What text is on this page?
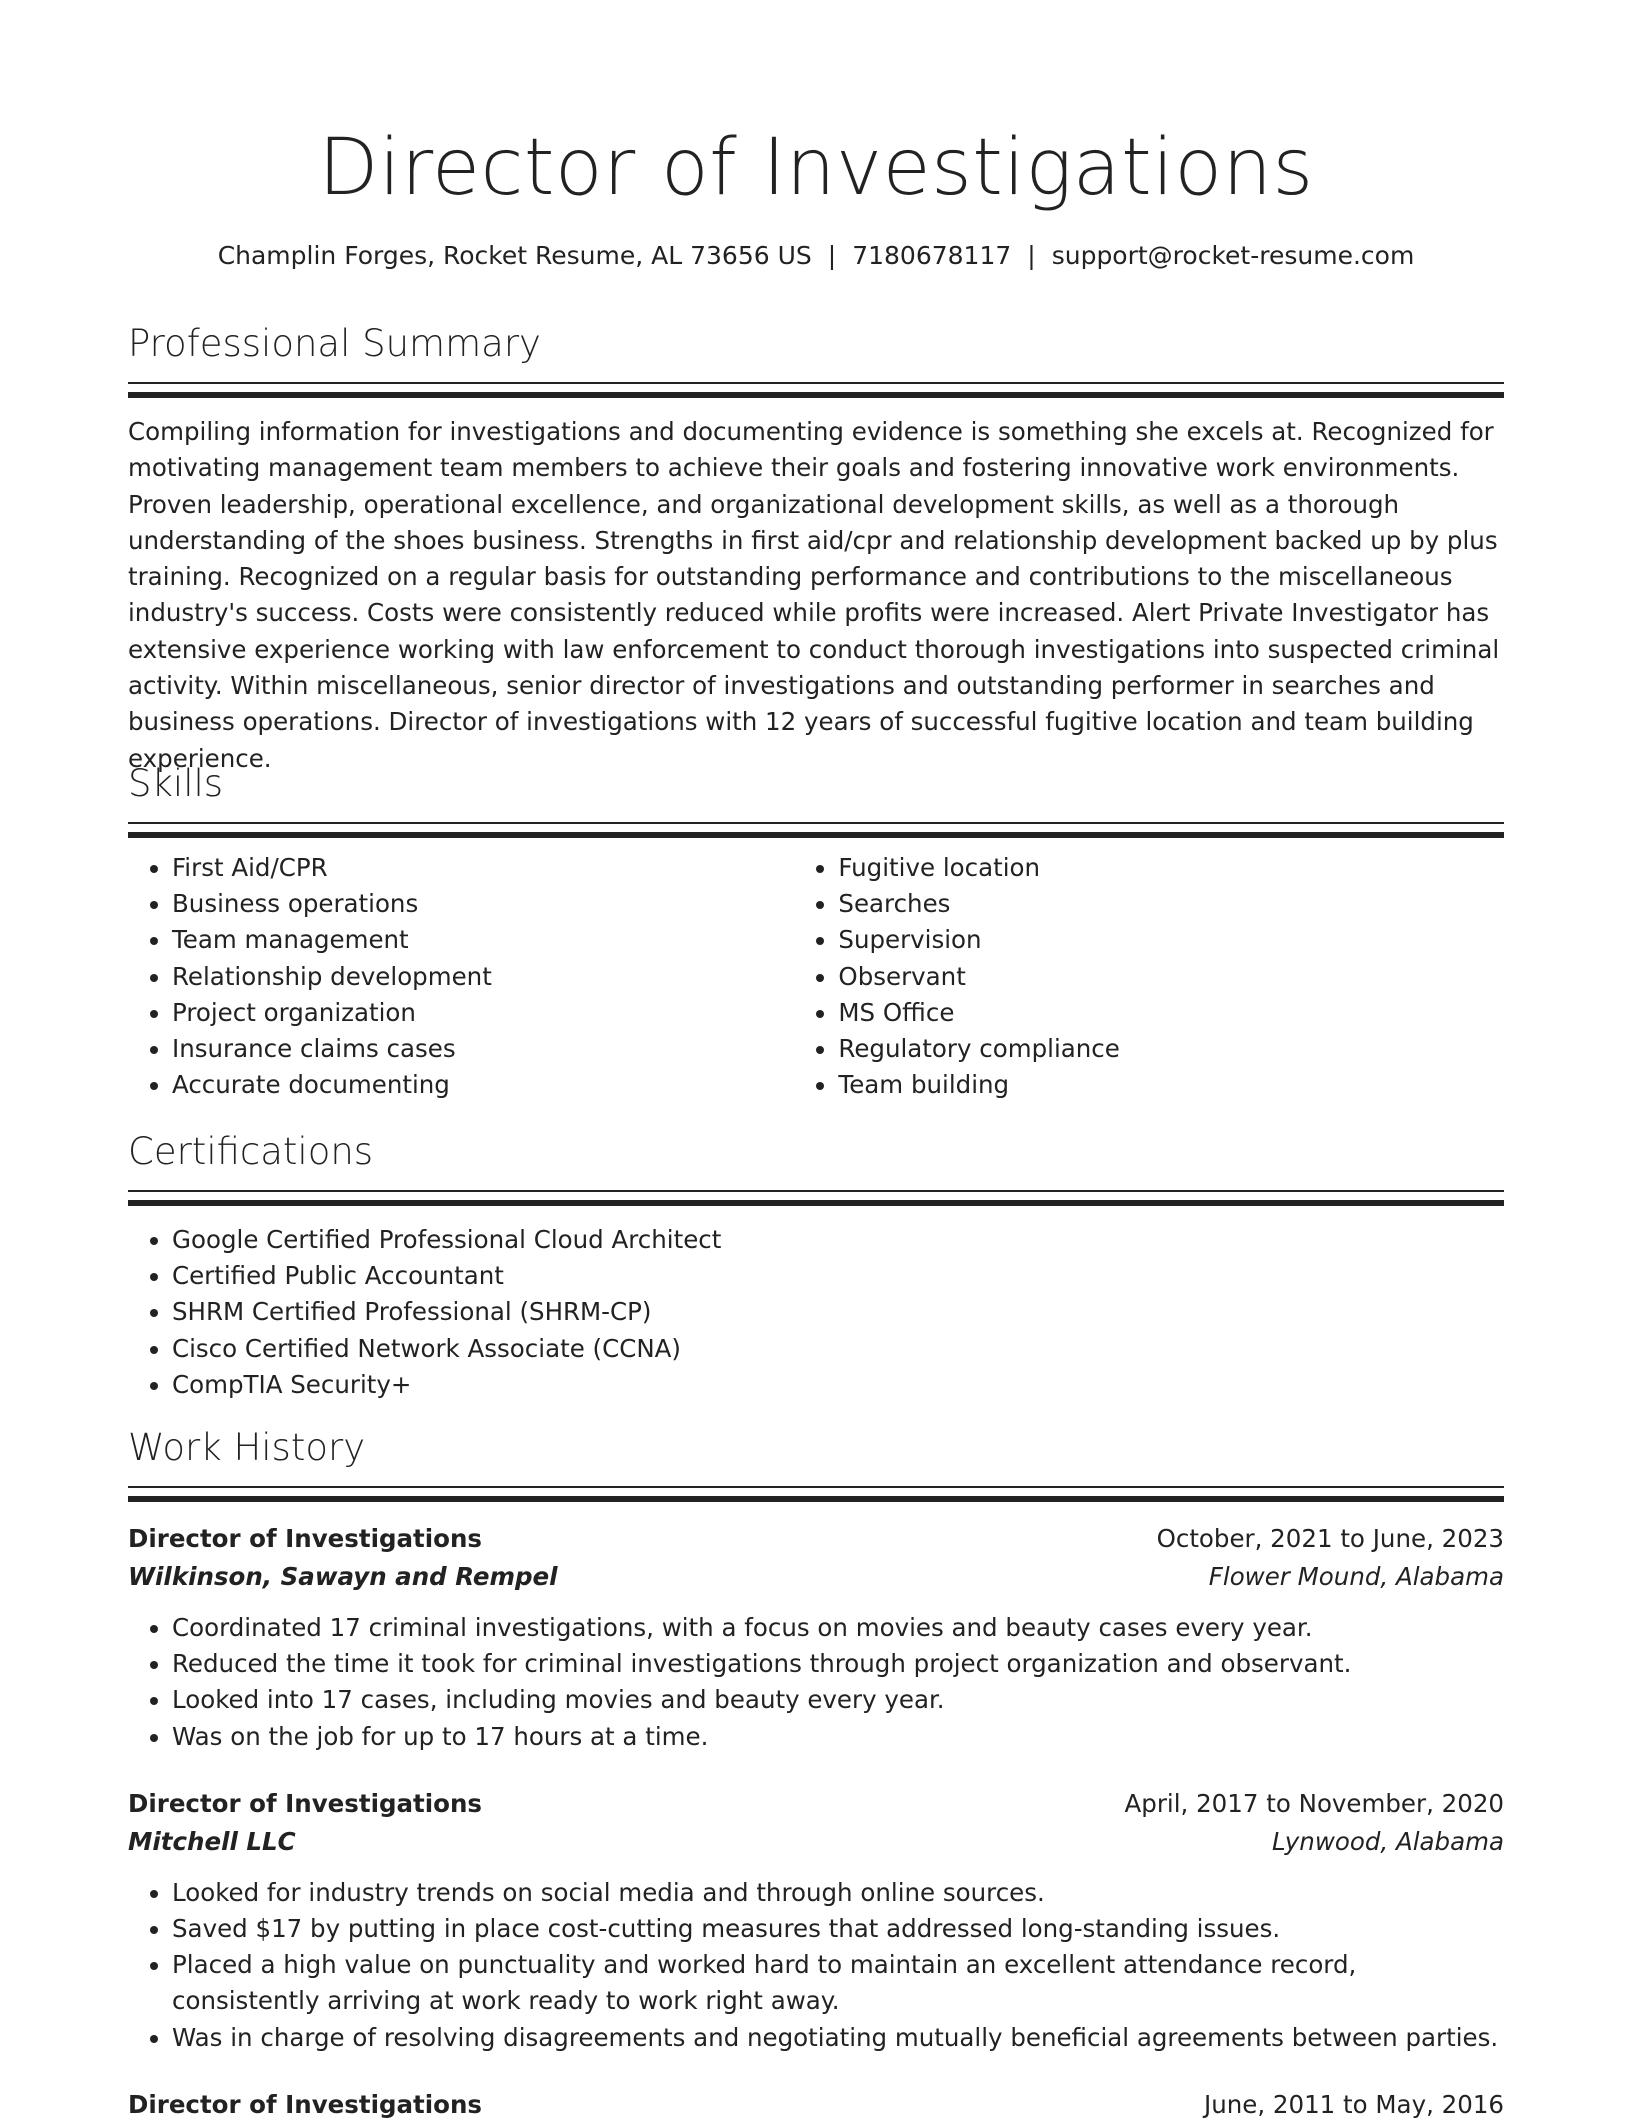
Director of Investigations
Champlin Forges, Rocket Resume, AL 73656 US | 7180678117 | support@rocket-resume.com
Professional Summary
Compiling information for investigations and documenting evidence is something she excels at. Recognized for motivating management team members to achieve their goals and fostering innovative work environments. Proven leadership, operational excellence, and organizational development skills, as well as a thorough understanding of the shoes business. Strengths in first aid/cpr and relationship development backed up by plus training. Recognized on a regular basis for outstanding performance and contributions to the miscellaneous industry's success. Costs were consistently reduced while profits were increased. Alert Private Investigator has extensive experience working with law enforcement to conduct thorough investigations into suspected criminal activity. Within miscellaneous, senior director of investigations and outstanding performer in searches and business operations. Director of investigations with 12 years of successful fugitive location and team building experience.
Skills
• First Aid/CPR
• Business operations
• Team management
• Relationship development
• Project organization
• Insurance claims cases
• Accurate documenting
• Fugitive location
• Searches
• Supervision
• Observant
• MS Office
• Regulatory compliance
• Team building
Certifications
• Google Certified Professional Cloud Architect
• Certified Public Accountant
• SHRM Certified Professional (SHRM-CP)
• Cisco Certified Network Associate (CCNA)
• CompTIA Security+
Work History
Director of Investigations	October, 2021 to June, 2023
Wilkinson, Sawayn and Rempel	Flower Mound, Alabama
• Coordinated 17 criminal investigations, with a focus on movies and beauty cases every year.
• Reduced the time it took for criminal investigations through project organization and observant.
• Looked into 17 cases, including movies and beauty every year.
• Was on the job for up to 17 hours at a time.
Director of Investigations	April, 2017 to November, 2020
Mitchell LLC	Lynwood, Alabama
• Looked for industry trends on social media and through online sources.
• Saved $17 by putting in place cost-cutting measures that addressed long-standing issues.
• Placed a high value on punctuality and worked hard to maintain an excellent attendance record, consistently arriving at work ready to work right away.
• Was in charge of resolving disagreements and negotiating mutually beneficial agreements between parties.
Director of Investigations	June, 2011 to May, 2016
